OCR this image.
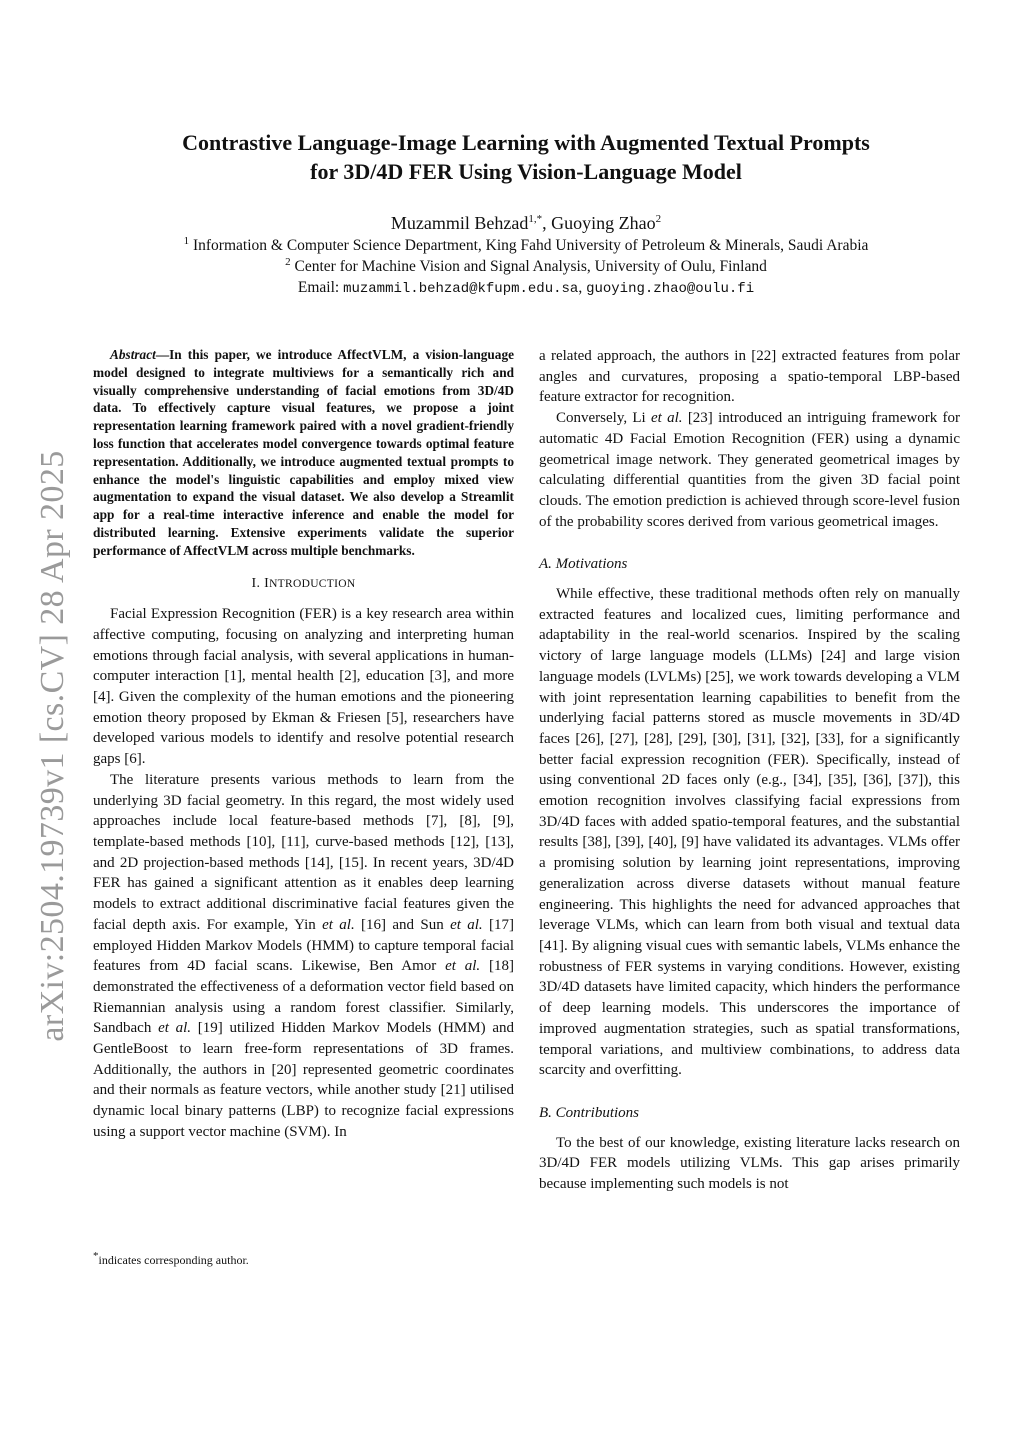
arXiv:2504.19739v1 [cs.CV] 28 Apr 2025
Contrastive Language-Image Learning with Augmented Textual Prompts
for 3D/4D FER Using Vision-Language Model
Muzammil Behzad$^{1,*}$, Guoying Zhao$^2$
$^1$ Information & Computer Science Department, King Fahd University of Petroleum & Minerals, Saudi Arabia
$^2$ Center for Machine Vision and Signal Analysis, University of Oulu, Finland
Email: muzammil.behzad@kfupm.edu.sa, guoying.zhao@oulu.fi

Abstract—In this paper, we introduce AffectVLM, a vision-language model designed to integrate multiviews for a semantically rich and visually comprehensive understanding of facial emotions from 3D/4D data. To effectively capture visual features, we propose a joint representation learning framework paired with a novel gradient-friendly loss function that accelerates model convergence towards optimal feature representation. Additionally, we introduce augmented textual prompts to enhance the model's linguistic capabilities and employ mixed view augmentation to expand the visual dataset. We also develop a Streamlit app for a real-time interactive inference and enable the model for distributed learning. Extensive experiments validate the superior performance of AffectVLM across multiple benchmarks.

I. INTRODUCTION

Facial Expression Recognition (FER) is a key research area within affective computing, focusing on analyzing and interpreting human emotions through facial analysis, with several applications in human-computer interaction [1], mental health [2], education [3], and more [4]. Given the complexity of the human emotions and the pioneering emotion theory proposed by Ekman & Friesen [5], researchers have developed various models to identify and resolve potential research gaps [6].

The literature presents various methods to learn from the underlying 3D facial geometry. In this regard, the most widely used approaches include local feature-based methods [7], [8], [9], template-based methods [10], [11], curve-based methods [12], [13], and 2D projection-based methods [14], [15]. In recent years, 3D/4D FER has gained a significant attention as it enables deep learning models to extract additional discriminative facial features given the facial depth axis. For example, Yin et al. [16] and Sun et al. [17] employed Hidden Markov Models (HMM) to capture temporal facial features from 4D facial scans. Likewise, Ben Amor et al. [18] demonstrated the effectiveness of a deformation vector field based on Riemannian analysis using a random forest classifier. Similarly, Sandbach et al. [19] utilized Hidden Markov Models (HMM) and GentleBoost to learn free-form representations of 3D frames. Additionally, the authors in [20] represented geometric coordinates and their normals as feature vectors, while another study [21] utilised dynamic local binary patterns (LBP) to recognize facial expressions using a support vector machine (SVM). In

*indicates corresponding author.

a related approach, the authors in [22] extracted features from polar angles and curvatures, proposing a spatio-temporal LBP-based feature extractor for recognition.

Conversely, Li et al. [23] introduced an intriguing framework for automatic 4D Facial Emotion Recognition (FER) using a dynamic geometrical image network. They generated geometrical images by calculating differential quantities from the given 3D facial point clouds. The emotion prediction is achieved through score-level fusion of the probability scores derived from various geometrical images.

A. Motivations

While effective, these traditional methods often rely on manually extracted features and localized cues, limiting performance and adaptability in the real-world scenarios. Inspired by the scaling victory of large language models (LLMs) [24] and large vision language models (LVLMs) [25], we work towards developing a VLM with joint representation learning capabilities to benefit from the underlying facial patterns stored as muscle movements in 3D/4D faces [26], [27], [28], [29], [30], [31], [32], [33], for a significantly better facial expression recognition (FER). Specifically, instead of using conventional 2D faces only (e.g., [34], [35], [36], [37]), this emotion recognition involves classifying facial expressions from 3D/4D faces with added spatio-temporal features, and the substantial results [38], [39], [40], [9] have validated its advantages. VLMs offer a promising solution by learning joint representations, improving generalization across diverse datasets without manual feature engineering. This highlights the need for advanced approaches that leverage VLMs, which can learn from both visual and textual data [41]. By aligning visual cues with semantic labels, VLMs enhance the robustness of FER systems in varying conditions. However, existing 3D/4D datasets have limited capacity, which hinders the performance of deep learning models. This underscores the importance of improved augmentation strategies, such as spatial transformations, temporal variations, and multiview combinations, to address data scarcity and overfitting.

B. Contributions

To the best of our knowledge, existing literature lacks research on 3D/4D FER models utilizing VLMs. This gap arises primarily because implementing such models is not
